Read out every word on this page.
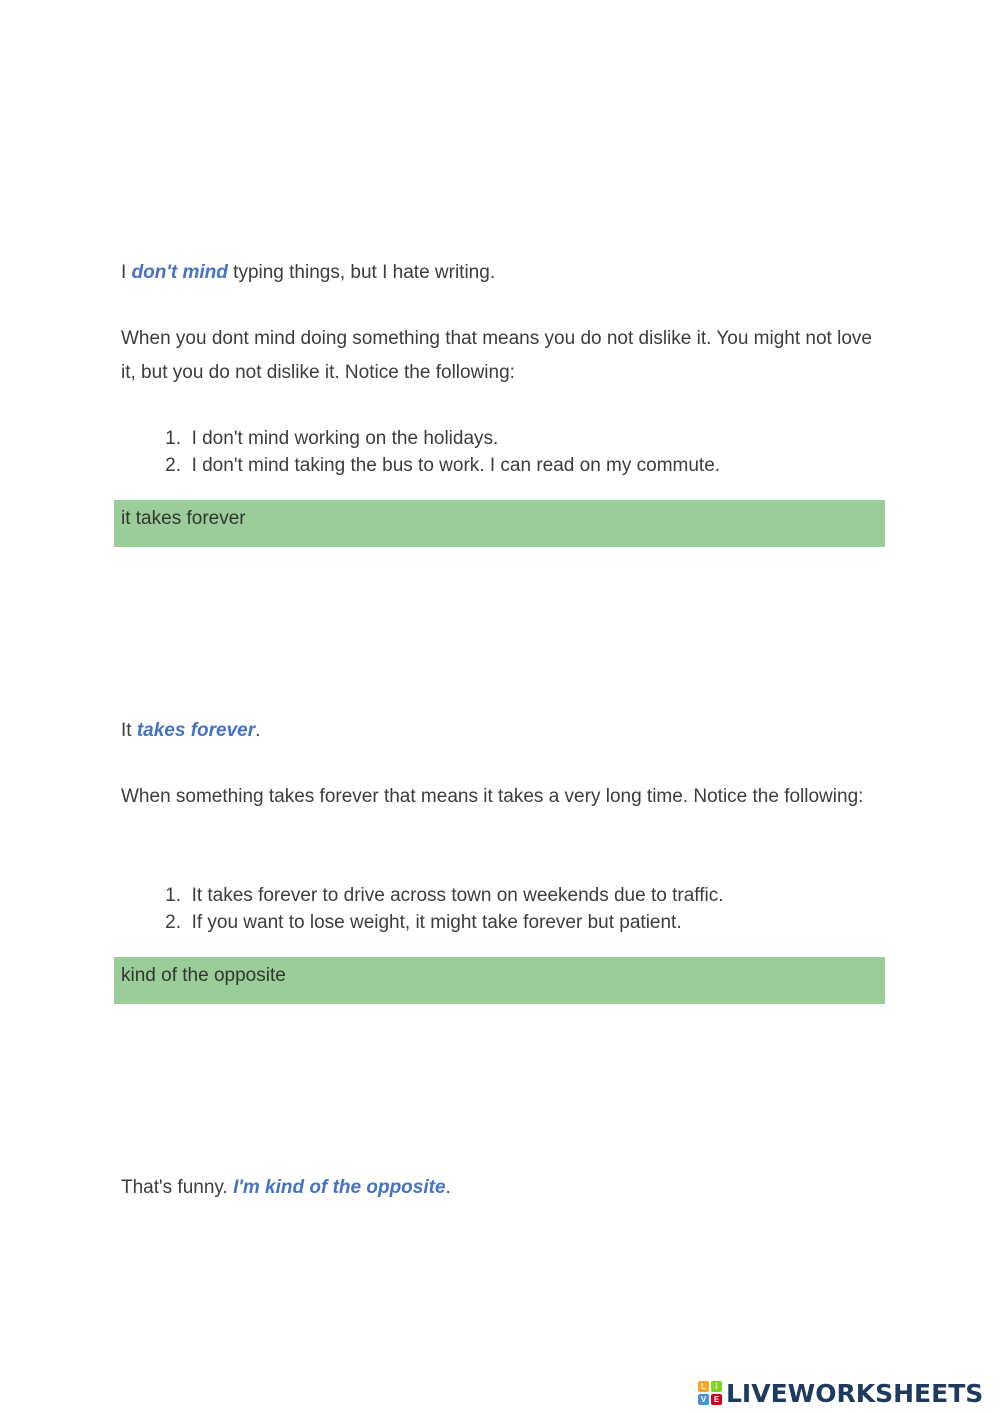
I don't mind typing things, but I hate writing.
When you dont mind doing something that means you do not dislike it. You might not love it, but you do not dislike it. Notice the following:
1. I don't mind working on the holidays.
2. I don't mind taking the bus to work. I can read on my commute.
it takes forever
It takes forever.
When something takes forever that means it takes a very long time. Notice the following:
1. It takes forever to drive across town on weekends due to traffic.
2. If you want to lose weight, it might take forever but patient.
kind of the opposite
That's funny. I'm kind of the opposite.
L	I
V E LIVEWORKSHEETS
